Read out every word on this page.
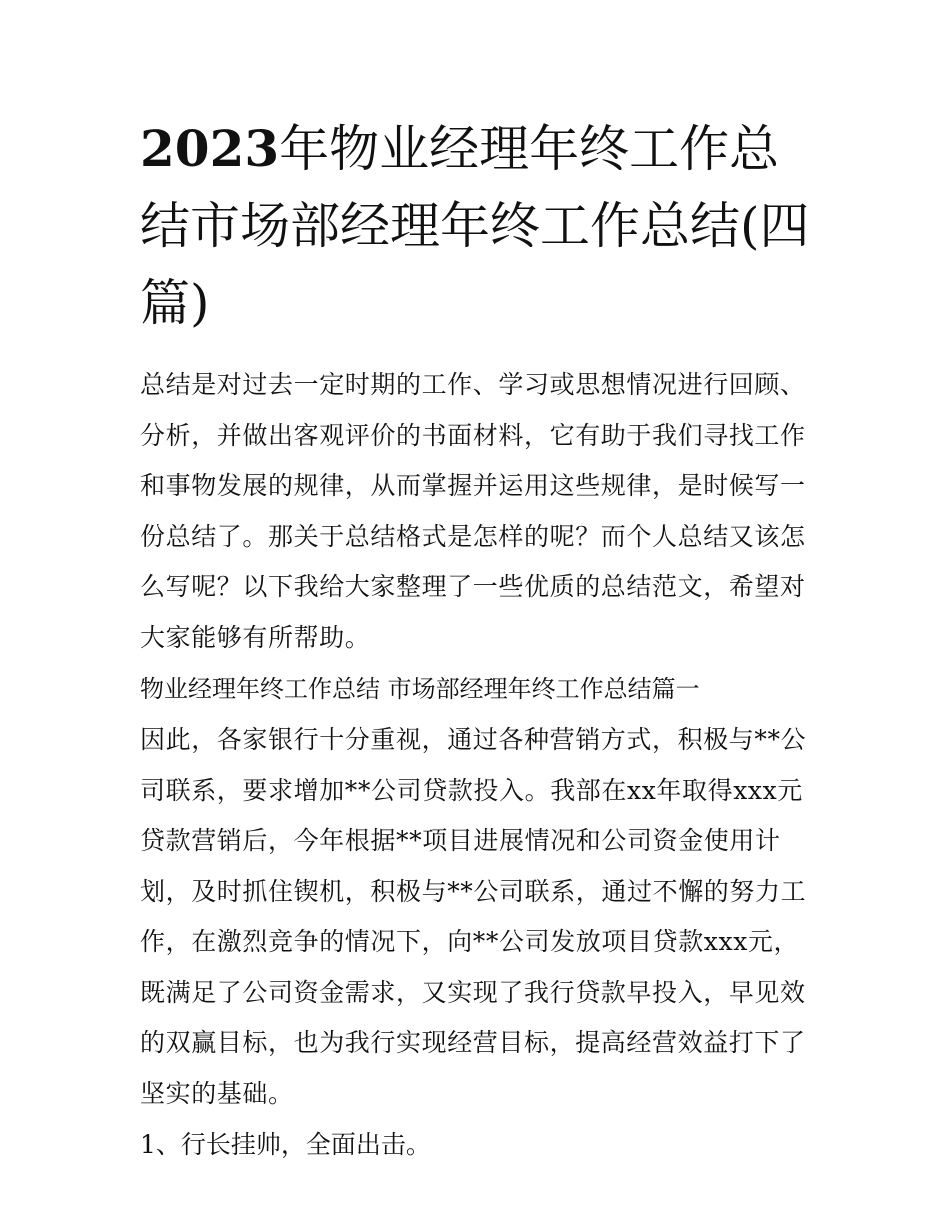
2023年物业经理年终工作总结市场部经理年终工作总结(四篇)

总结是对过去一定时期的工作、学习或思想情况进行回顾、分析，并做出客观评价的书面材料，它有助于我们寻找工作和事物发展的规律，从而掌握并运用这些规律，是时候写一份总结了。那关于总结格式是怎样的呢？而个人总结又该怎么写呢？以下我给大家整理了一些优质的总结范文，希望对大家能够有所帮助。

物业经理年终工作总结 市场部经理年终工作总结篇一

因此，各家银行十分重视，通过各种营销方式，积极与**公司联系，要求增加**公司贷款投入。我部在xx年取得xxx元贷款营销后，今年根据**项目进展情况和公司资金使用计划，及时抓住锲机，积极与**公司联系，通过不懈的努力工作，在激烈竞争的情况下，向**公司发放项目贷款xxx元，既满足了公司资金需求，又实现了我行贷款早投入，早见效的双赢目标，也为我行实现经营目标，提高经营效益打下了坚实的基础。

1、行长挂帅，全面出击。
